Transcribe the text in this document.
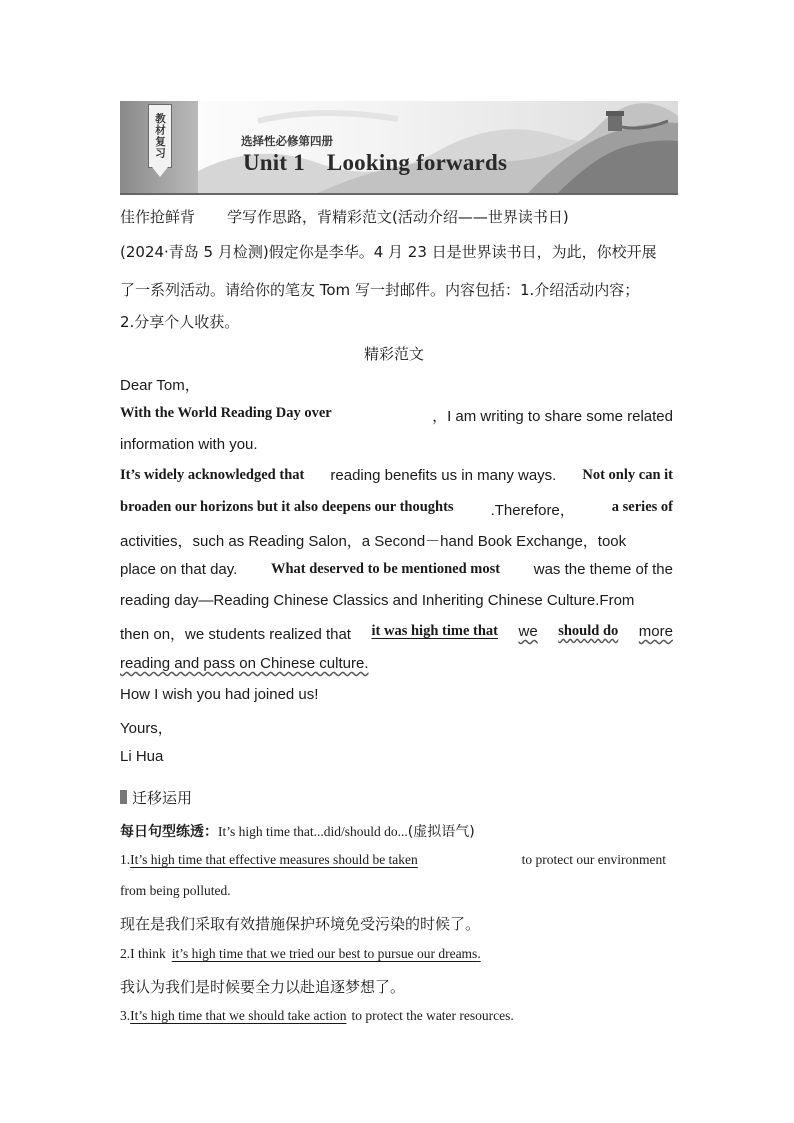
教材复习	选择性必修第四册
Unit 1 Looking forwards
佳作抢鲜背 学写作思路，背精彩范文(活动介绍——世界读书日)
(2024·青岛 5 月检测)假定你是李华。4 月 23 日是世界读书日，为此，你校开展
了一系列活动。请给你的笔友 Tom 写一封邮件。内容包括：1.介绍活动内容；
2.分享个人收获。
精彩范文
Dear Tom，
With the World Reading Day over	，I am writing to share some related
information with you.
It’s widely acknowledged that reading benefits us in many ways. Not only can it
broaden our horizons but it also deepens our thoughts .Therefore，	a series of
activities，such as Reading Salon，a Second－hand Book Exchange，took
place on that day. What deserved to be mentioned most was the theme of the
reading day—Reading Chinese Classics and Inheriting Chinese Culture.From
then on，we students realized that it was high time that we should do more
reading and pass on Chinese culture.
How I wish you had joined us!
Yours，
Li Hua
迁移运用
每日句型练透：It’s high time that...did/should do...(虚拟语气)
1.It’s high time that effective measures should be taken	to protect our environment
from being polluted.
现在是我们采取有效措施保护环境免受污染的时候了。
2.I think it’s high time that we tried our best to pursue our dreams.
我认为我们是时候要全力以赴追逐梦想了。
3.It’s high time that we should take action to protect the water resources.
